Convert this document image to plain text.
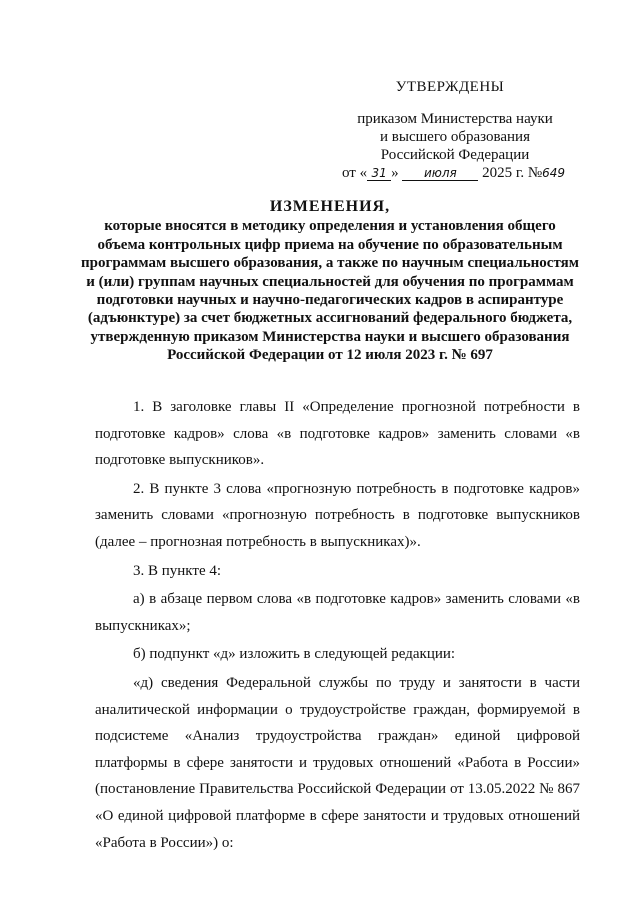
УТВЕРЖДЕНЫ
приказом Министерства науки
и высшего образования
Российской Федерации
от « 31 » июля 2025 г. №649
ИЗМЕНЕНИЯ,
которые вносятся в методику определения и установления общего объема контрольных цифр приема на обучение по образовательным программам высшего образования, а также по научным специальностям и (или) группам научных специальностей для обучения по программам подготовки научных и научно-педагогических кадров в аспирантуре (адъюнктуре) за счет бюджетных ассигнований федерального бюджета, утвержденную приказом Министерства науки и высшего образования Российской Федерации от 12 июля 2023 г. № 697

1. В заголовке главы II «Определение прогнозной потребности в подготовке кадров» слова «в подготовке кадров» заменить словами «в подготовке выпускников».

2. В пункте 3 слова «прогнозную потребность в подготовке кадров» заменить словами «прогнозную потребность в подготовке выпускников (далее – прогнозная потребность в выпускниках)».

3. В пункте 4:

а) в абзаце первом слова «в подготовке кадров» заменить словами «в выпускниках»;

б) подпункт «д» изложить в следующей редакции:

«д) сведения Федеральной службы по труду и занятости в части аналитической информации о трудоустройстве граждан, формируемой в подсистеме «Анализ трудоустройства граждан» единой цифровой платформы в сфере занятости и трудовых отношений «Работа в России» (постановление Правительства Российской Федерации от 13.05.2022 № 867 «О единой цифровой платформе в сфере занятости и трудовых отношений «Работа в России») о:
